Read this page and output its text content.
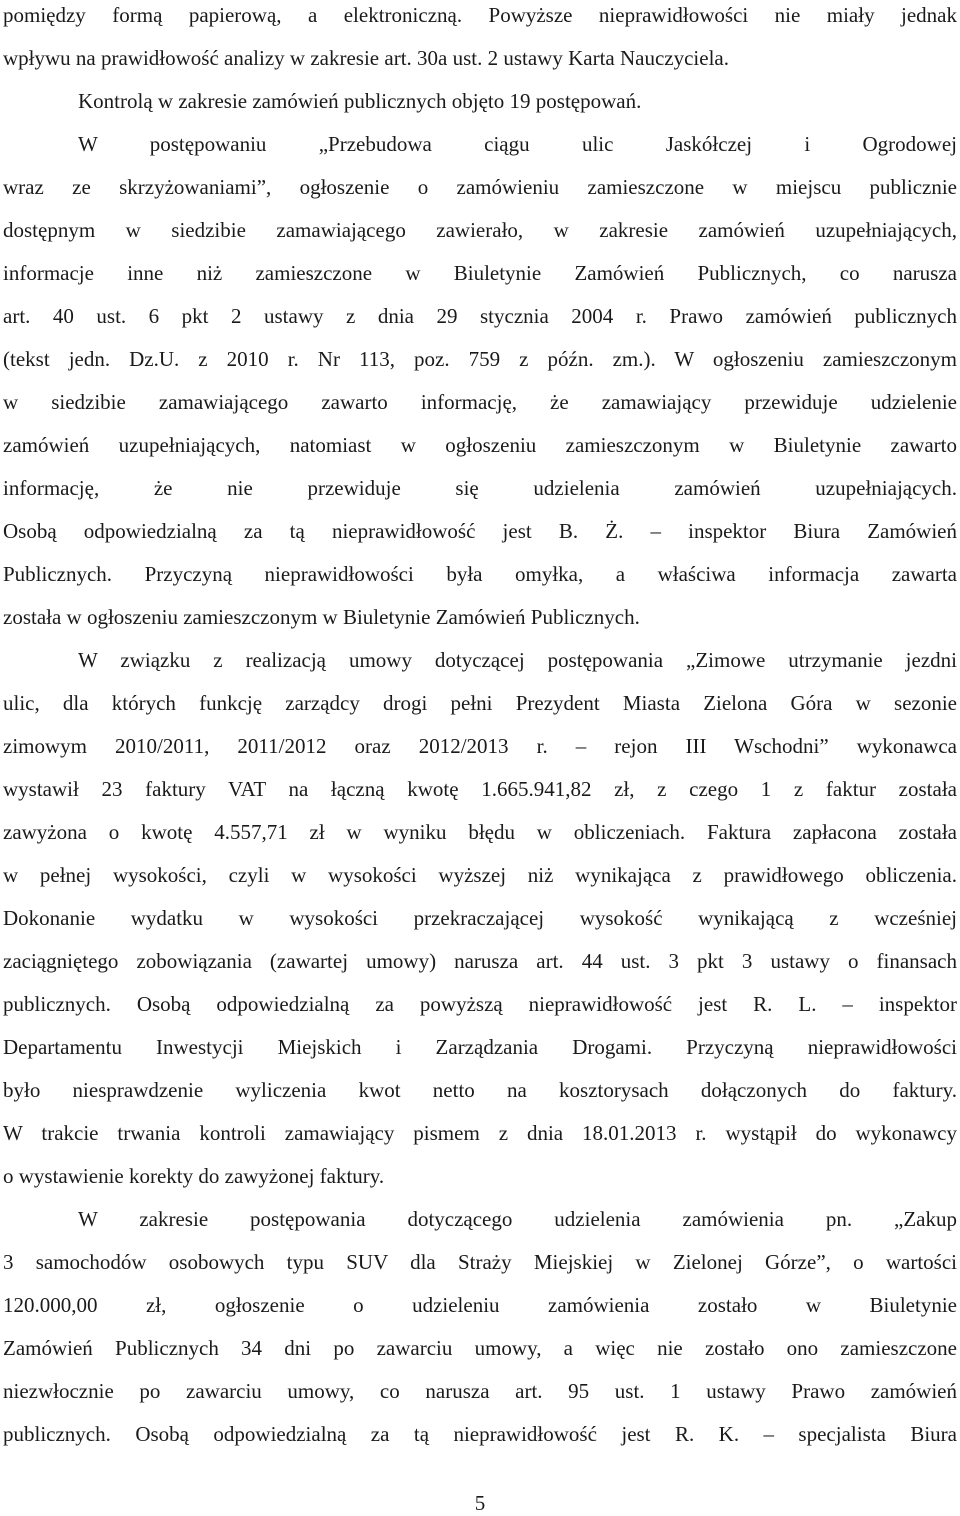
pomiędzy formą papierową, a elektroniczną. Powyższe nieprawidłowości nie miały jednak
wpływu na prawidłowość analizy w zakresie art. 30a ust. 2 ustawy Karta Nauczyciela.
Kontrolą w zakresie zamówień publicznych objęto 19 postępowań.
W postępowaniu „Przebudowa ciągu ulic Jaskółczej i Ogrodowej
wraz ze skrzyżowaniami”, ogłoszenie o zamówieniu zamieszczone w miejscu publicznie
dostępnym w siedzibie zamawiającego zawierało, w zakresie zamówień uzupełniających,
informacje inne niż zamieszczone w Biuletynie Zamówień Publicznych, co narusza
art. 40 ust. 6 pkt 2 ustawy z dnia 29 stycznia 2004 r. Prawo zamówień publicznych
(tekst jedn. Dz.U. z 2010 r. Nr 113, poz. 759 z późn. zm.). W ogłoszeniu zamieszczonym
w siedzibie zamawiającego zawarto informację, że zamawiający przewiduje udzielenie
zamówień uzupełniających, natomiast w ogłoszeniu zamieszczonym w Biuletynie zawarto
informację, że nie przewiduje się udzielenia zamówień uzupełniających.
Osobą odpowiedzialną za tą nieprawidłowość jest B. Ż. – inspektor Biura Zamówień
Publicznych. Przyczyną nieprawidłowości była omyłka, a właściwa informacja zawarta
została w ogłoszeniu zamieszczonym w Biuletynie Zamówień Publicznych.
W związku z realizacją umowy dotyczącej postępowania „Zimowe utrzymanie jezdni
ulic, dla których funkcję zarządcy drogi pełni Prezydent Miasta Zielona Góra w sezonie
zimowym 2010/2011, 2011/2012 oraz 2012/2013 r. – rejon III Wschodni” wykonawca
wystawił 23 faktury VAT na łączną kwotę 1.665.941,82 zł, z czego 1 z faktur została
zawyżona o kwotę 4.557,71 zł w wyniku błędu w obliczeniach. Faktura zapłacona została
w pełnej wysokości, czyli w wysokości wyższej niż wynikająca z prawidłowego obliczenia.
Dokonanie wydatku w wysokości przekraczającej wysokość wynikającą z wcześniej
zaciągniętego zobowiązania (zawartej umowy) narusza art. 44 ust. 3 pkt 3 ustawy o finansach
publicznych. Osobą odpowiedzialną za powyższą nieprawidłowość jest R. L. – inspektor
Departamentu Inwestycji Miejskich i Zarządzania Drogami. Przyczyną nieprawidłowości
było niesprawdzenie wyliczenia kwot netto na kosztorysach dołączonych do faktury.
W trakcie trwania kontroli zamawiający pismem z dnia 18.01.2013 r. wystąpił do wykonawcy
o wystawienie korekty do zawyżonej faktury.
W zakresie postępowania dotyczącego udzielenia zamówienia pn. „Zakup
3 samochodów osobowych typu SUV dla Straży Miejskiej w Zielonej Górze”, o wartości
120.000,00 zł, ogłoszenie o udzieleniu zamówienia zostało w Biuletynie
Zamówień Publicznych 34 dni po zawarciu umowy, a więc nie zostało ono zamieszczone
niezwłocznie po zawarciu umowy, co narusza art. 95 ust. 1 ustawy Prawo zamówień
publicznych. Osobą odpowiedzialną za tą nieprawidłowość jest R. K. – specjalista Biura
5
